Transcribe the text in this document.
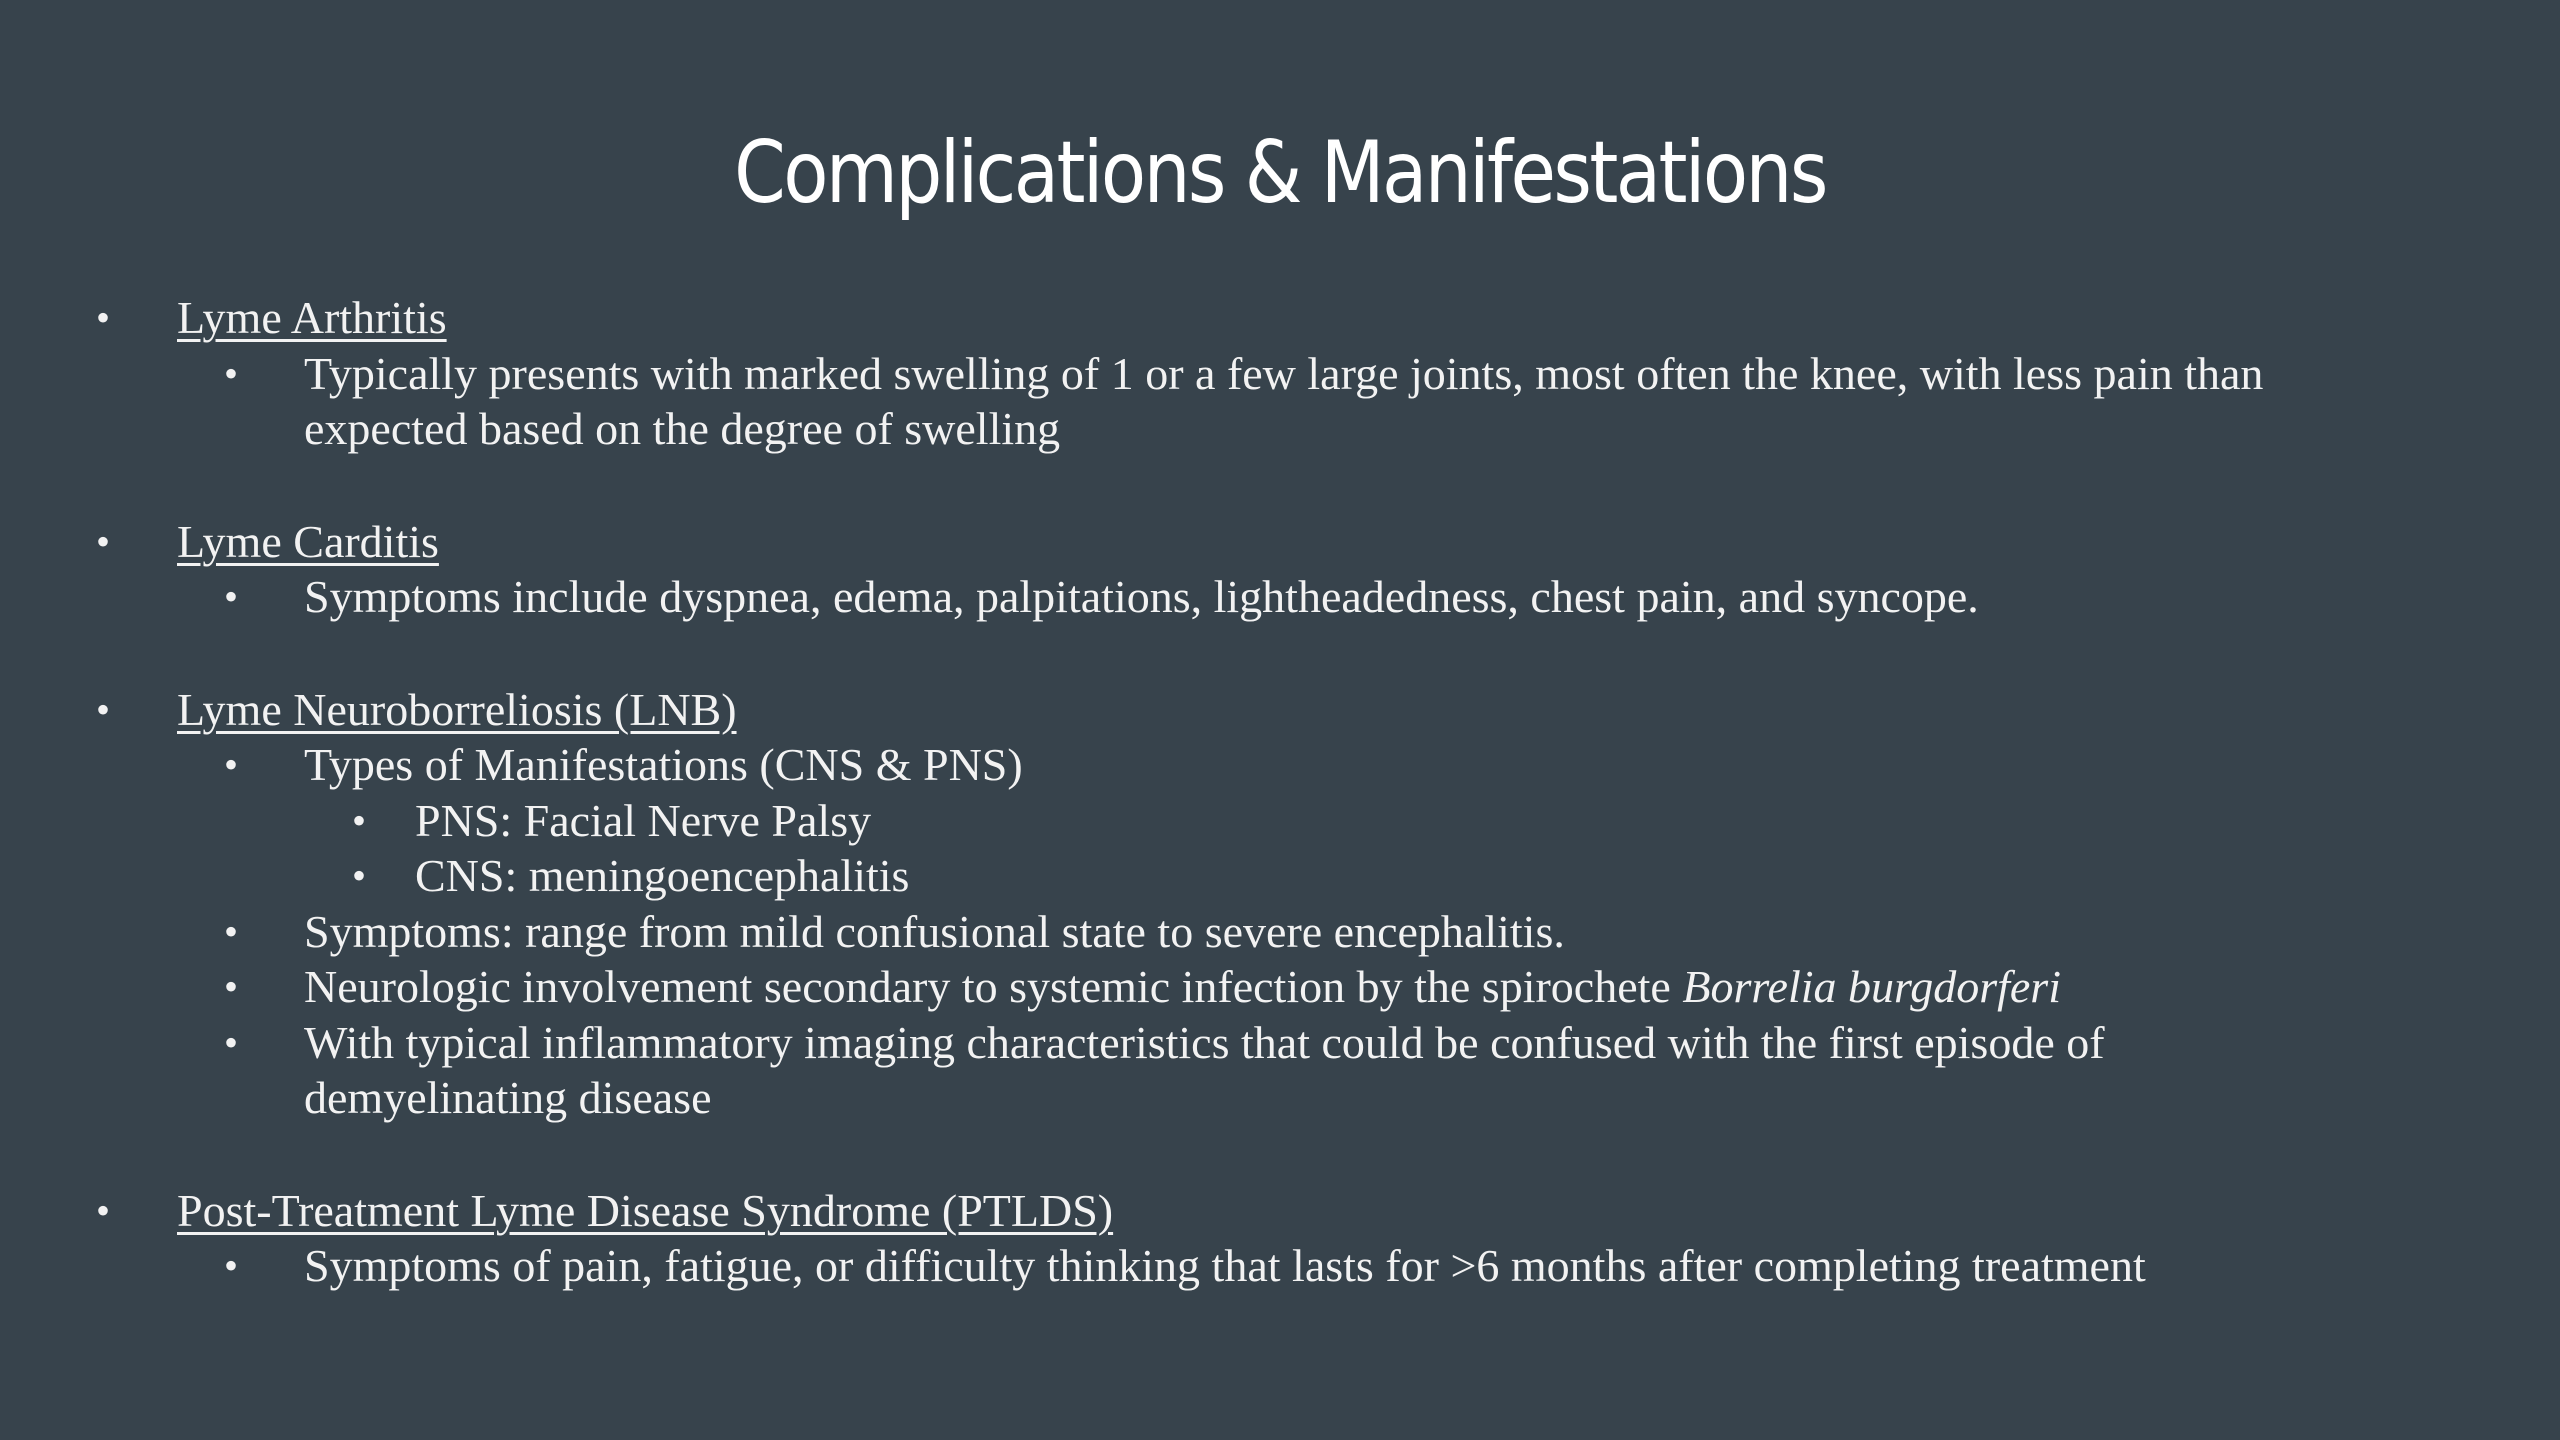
Complications & Manifestations
• Lyme Arthritis
• Typically presents with marked swelling of 1 or a few large joints, most often the knee, with less pain than expected based on the degree of swelling
• Lyme Carditis
• Symptoms include dyspnea, edema, palpitations, lightheadedness, chest pain, and syncope.
• Lyme Neuroborreliosis (LNB)
• Types of Manifestations (CNS & PNS)
• PNS: Facial Nerve Palsy
• CNS: meningoencephalitis
• Symptoms: range from mild confusional state to severe encephalitis.
• Neurologic involvement secondary to systemic infection by the spirochete Borrelia burgdorferi
• With typical inflammatory imaging characteristics that could be confused with the first episode of demyelinating disease
• Post-Treatment Lyme Disease Syndrome (PTLDS)
• Symptoms of pain, fatigue, or difficulty thinking that lasts for >6 months after completing treatment
